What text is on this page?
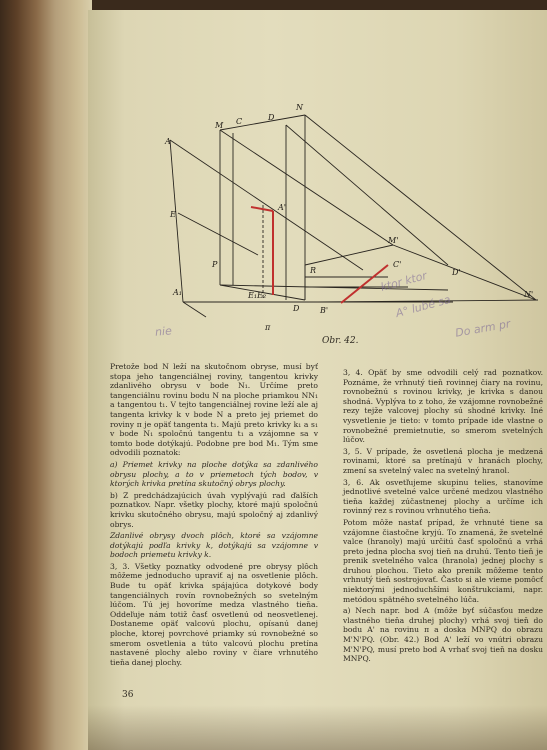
M C	D
N
A
A'
E
P
R
M'
C'
D'
A₁	E₁E₂
D	B'
N'
π
Obr. 42.
ktor ktor
A° lubé sa
Do arm pr
nie

Pretože bod N leží na skutočnom obryse, musí byť stopa jeho tangenciálnej roviny, tangentou krivky zdanlivého obrysu v bode N₁. Určíme preto tangenciálnu rovinu bodu N na ploche priamkou NN₁ a tangentou t₁. V tejto tangenciálnej rovine leží ale aj tangenta krivky k v bode N a preto jej priemet do roviny π je opäť tangenta t₁. Majú preto krivky k₁ a s₁ v bode N₁ spoločnú tangentu t₁ a vzájomne sa v tomto bode dotýkajú. Podobne pre bod M₁. Tým sme odvodili poznatok:

a) Priemet krivky na ploche dotýka sa zdanlivého obrysu plochy, a to v priemetoch tých bodov, v ktorých krivka pretína skutočný obrys plochy.

b) Z predchádzajúcich úvah vyplývajú rad ďalších poznatkov. Napr. všetky plochy, ktoré majú spoločnú krivku skutočného obrysu, majú spoločný aj zdanlivý obrys.

Zdanlivé obrysy dvoch plôch, ktoré sa vzájomne dotýkajú podľa krivky k, dotýkajú sa vzájomne v bodoch priemetu krivky k.

3, 3. Všetky poznatky odvodené pre obrysy plôch môžeme jednoducho upraviť aj na osvetlenie plôch. Bude tu opäť krivka spájajúca dotykové body tangenciálnych rovín rovnobežných so svetelným lúčom. Tú jej hovoríme medza vlastného tieňa. Oddeľuje nám totiž časť osvetlenú od neosvetlenej. Dostaneme opäť valcovú plochu, opísanú danej ploche, ktorej povrchové priamky sú rovnobežné so smerom osvetlenia a túto valcovú plochu pretína nastavené plochy alebo roviny v čiare vrhnutého tieňa danej plochy.

3, 4. Opäť by sme odvodili celý rad poznatkov. Poznáme, že vrhnutý tieň rovinnej čiary na rovinu, rovnobežnú s rovinou krivky, je krivka s danou shodná. Vyplýva to z toho, že vzájomne rovnobežné rezy tejže valcovej plochy sú shodné krivky. Iné vysvetlenie je tieto: v tomto prípade ide vlastne o rovnobežné premietnutie, so smerom svetelných lúčov.

3, 5. V prípade, že osvetlená plocha je medzená rovinami, ktoré sa pretínajú v hranách plochy, zmení sa svetelný valec na svetelný hranol.

3, 6. Ak osvetľujeme skupinu telies, stanovíme jednotlivé svetelné valce určené medzou vlastného tieňa každej zúčastnenej plochy a určíme ich rovinný rez s rovinou vrhnutého tieňa.

Potom môže nastať prípad, že vrhnuté tiene sa vzájomne čiastočne kryjú. To znamená, že svetelné valce (hranoly) majú určitú časť spoločnú a vrhá preto jedna plocha svoj tieň na druhú. Tento tieň je prenik svetelného valca (hranola) jednej plochy s druhou plochou. Tieto ako prenik môžeme tento vrhnutý tieň sostrojovať. Často si ale vieme pomôcť niektorými jednoduchšími konštrukciami, napr. metódou spätného svetelného lúča.

a) Nech napr. bod A (môže byť súčasťou medze vlastného tieňa druhej plochy) vrhá svoj tieň do bodu A' na rovinu π a doska MNPQ do obrazu M'N'PQ. (Obr. 42.) Bod A' leží vo vnútri obrazu M'N'PQ, musí preto bod A vrhať svoj tieň na dosku MNPQ.

36
